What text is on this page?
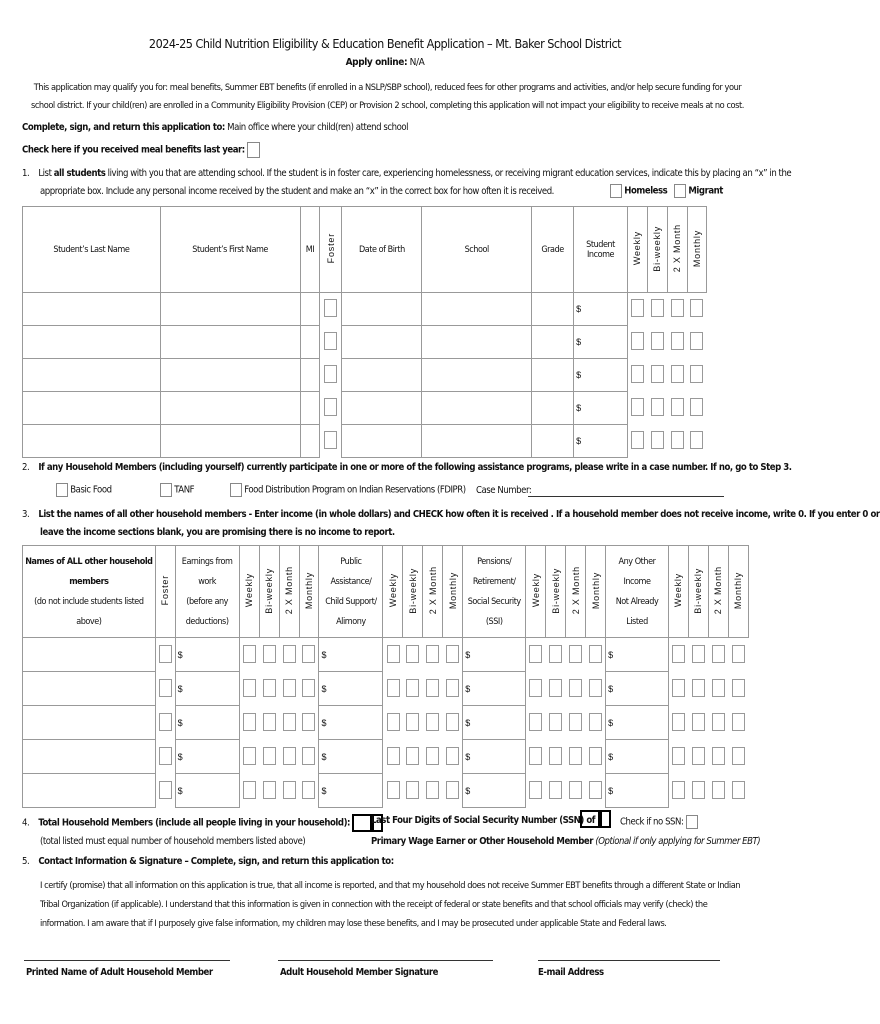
2024-25 Child Nutrition Eligibility & Education Benefit Application – Mt. Baker School District
Apply online: N/A
This application may qualify you for: meal benefits, Summer EBT benefits (if enrolled in a NSLP/SBP school), reduced fees for other programs and activities, and/or help secure funding for your school district. If your child(ren) are enrolled in a Community Eligibility Provision (CEP) or Provision 2 school, completing this application will not impact your eligibility to receive meals at no cost.
Complete, sign, and return this application to: Main office where your child(ren) attend school
Check here if you received meal benefits last year:
1. List all students living with you that are attending school. If the student is in foster care, experiencing homelessness, or receiving migrant education services, indicate this by placing an “x” in the
appropriate box. Include any personal income received by the student and make an “x” in the correct box for how often it is received.	Homeless Migrant
Student’s Last Name	Student’s First Name	MI	Foster	Date of Birth	School	Grade	Student
Income	Weekly	Bi-weekly	2 X Month	Monthly
							$				
							$				
							$				
							$				
							$				
2. If any Household Members (including yourself) currently participate in one or more of the following assistance programs, please write in a case number. If no, go to Step 3.
Basic Food	TANF	Food Distribution Program on Indian Reservations (FDIPR) Case Number:
3. List the names of all other household members - Enter income (in whole dollars) and CHECK how often it is received . If a household member does not receive income, write 0. If you enter 0 or
leave the income sections blank, you are promising there is no income to report.
Names of ALL other household

members

(do not include students listed

above)	Foster	Earnings from

work

(before any

deductions)	Weekly	Bi-weekly	2 X Month	Monthly	Public

Assistance/

Child Support/

Alimony	Weekly	Bi-weekly	2 X Month	Monthly	Pensions/

Retirement/

Social Security

(SSI)	Weekly	Bi-weekly	2 X Month	Monthly	Any Other

Income

Not Already

Listed	Weekly	Bi-weekly	2 X Month	Monthly
		$					$					$					$				
		$					$					$					$				
		$					$					$					$				
		$					$					$					$				
		$					$					$					$				
4. Total Household Members (include all people living in your household):
(total listed must equal number of household members listed above)
Last Four Digits of Social Security Number (SSN) of	Check if no SSN:
Primary Wage Earner or Other Household Member (Optional if only applying for Summer EBT)
5. Contact Information & Signature – Complete, sign, and return this application to:
I certify (promise) that all information on this application is true, that all income is reported, and that my household does not receive Summer EBT benefits through a different State or Indian Tribal Organization (if applicable). I understand that this information is given in connection with the receipt of federal or state benefits and that school officials may verify (check) the information. I am aware that if I purposely give false information, my children may lose these benefits, and I may be prosecuted under applicable State and Federal laws.
Printed Name of Adult Household Member	Adult Household Member Signature	E-mail Address
